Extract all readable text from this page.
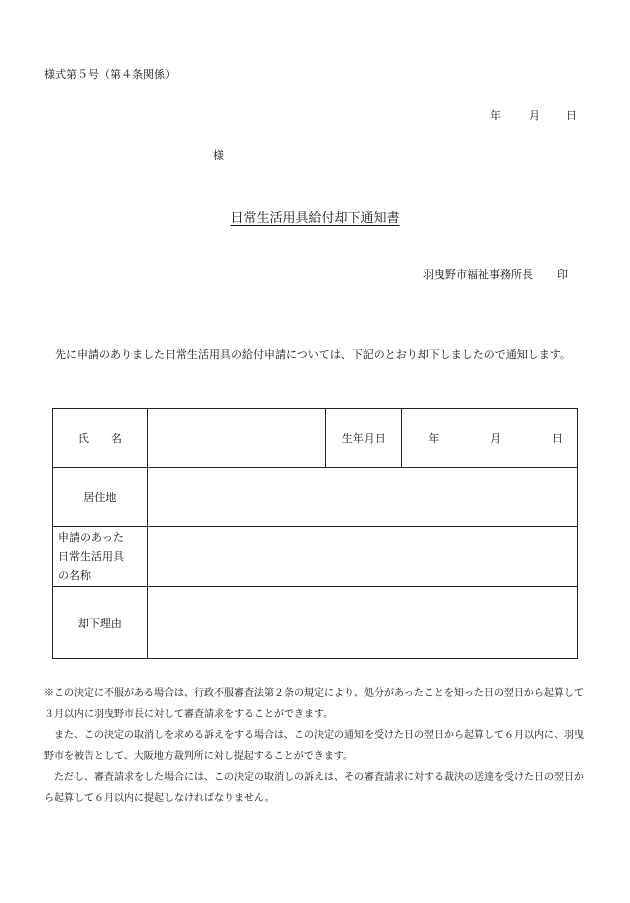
様式第５号（第４条関係）
年	月 日
様
日常生活用具給付却下通知書
羽曳野市福祉事務所長 印
先に申請のありました日常生活用具の給付申請については、下記のとおり却下しましたので通知します。
氏　　名		生年月日	年 月 日

居住地			

申請のあった
日常生活用具
の名称			

却下理由			

※この決定に不服がある場合は、行政不服審査法第２条の規定により、処分があったことを知った日の翌日から起算して３月以内に羽曳野市長に対して審査請求をすることができます。

また、この決定の取消しを求める訴えをする場合は、この決定の通知を受けた日の翌日から起算して６月以内に、羽曳野市を被告として、大阪地方裁判所に対し提起することができます。

ただし、審査請求をした場合には、この決定の取消しの訴えは、その審査請求に対する裁決の送達を受けた日の翌日から起算して６月以内に提起しなければなりません。
